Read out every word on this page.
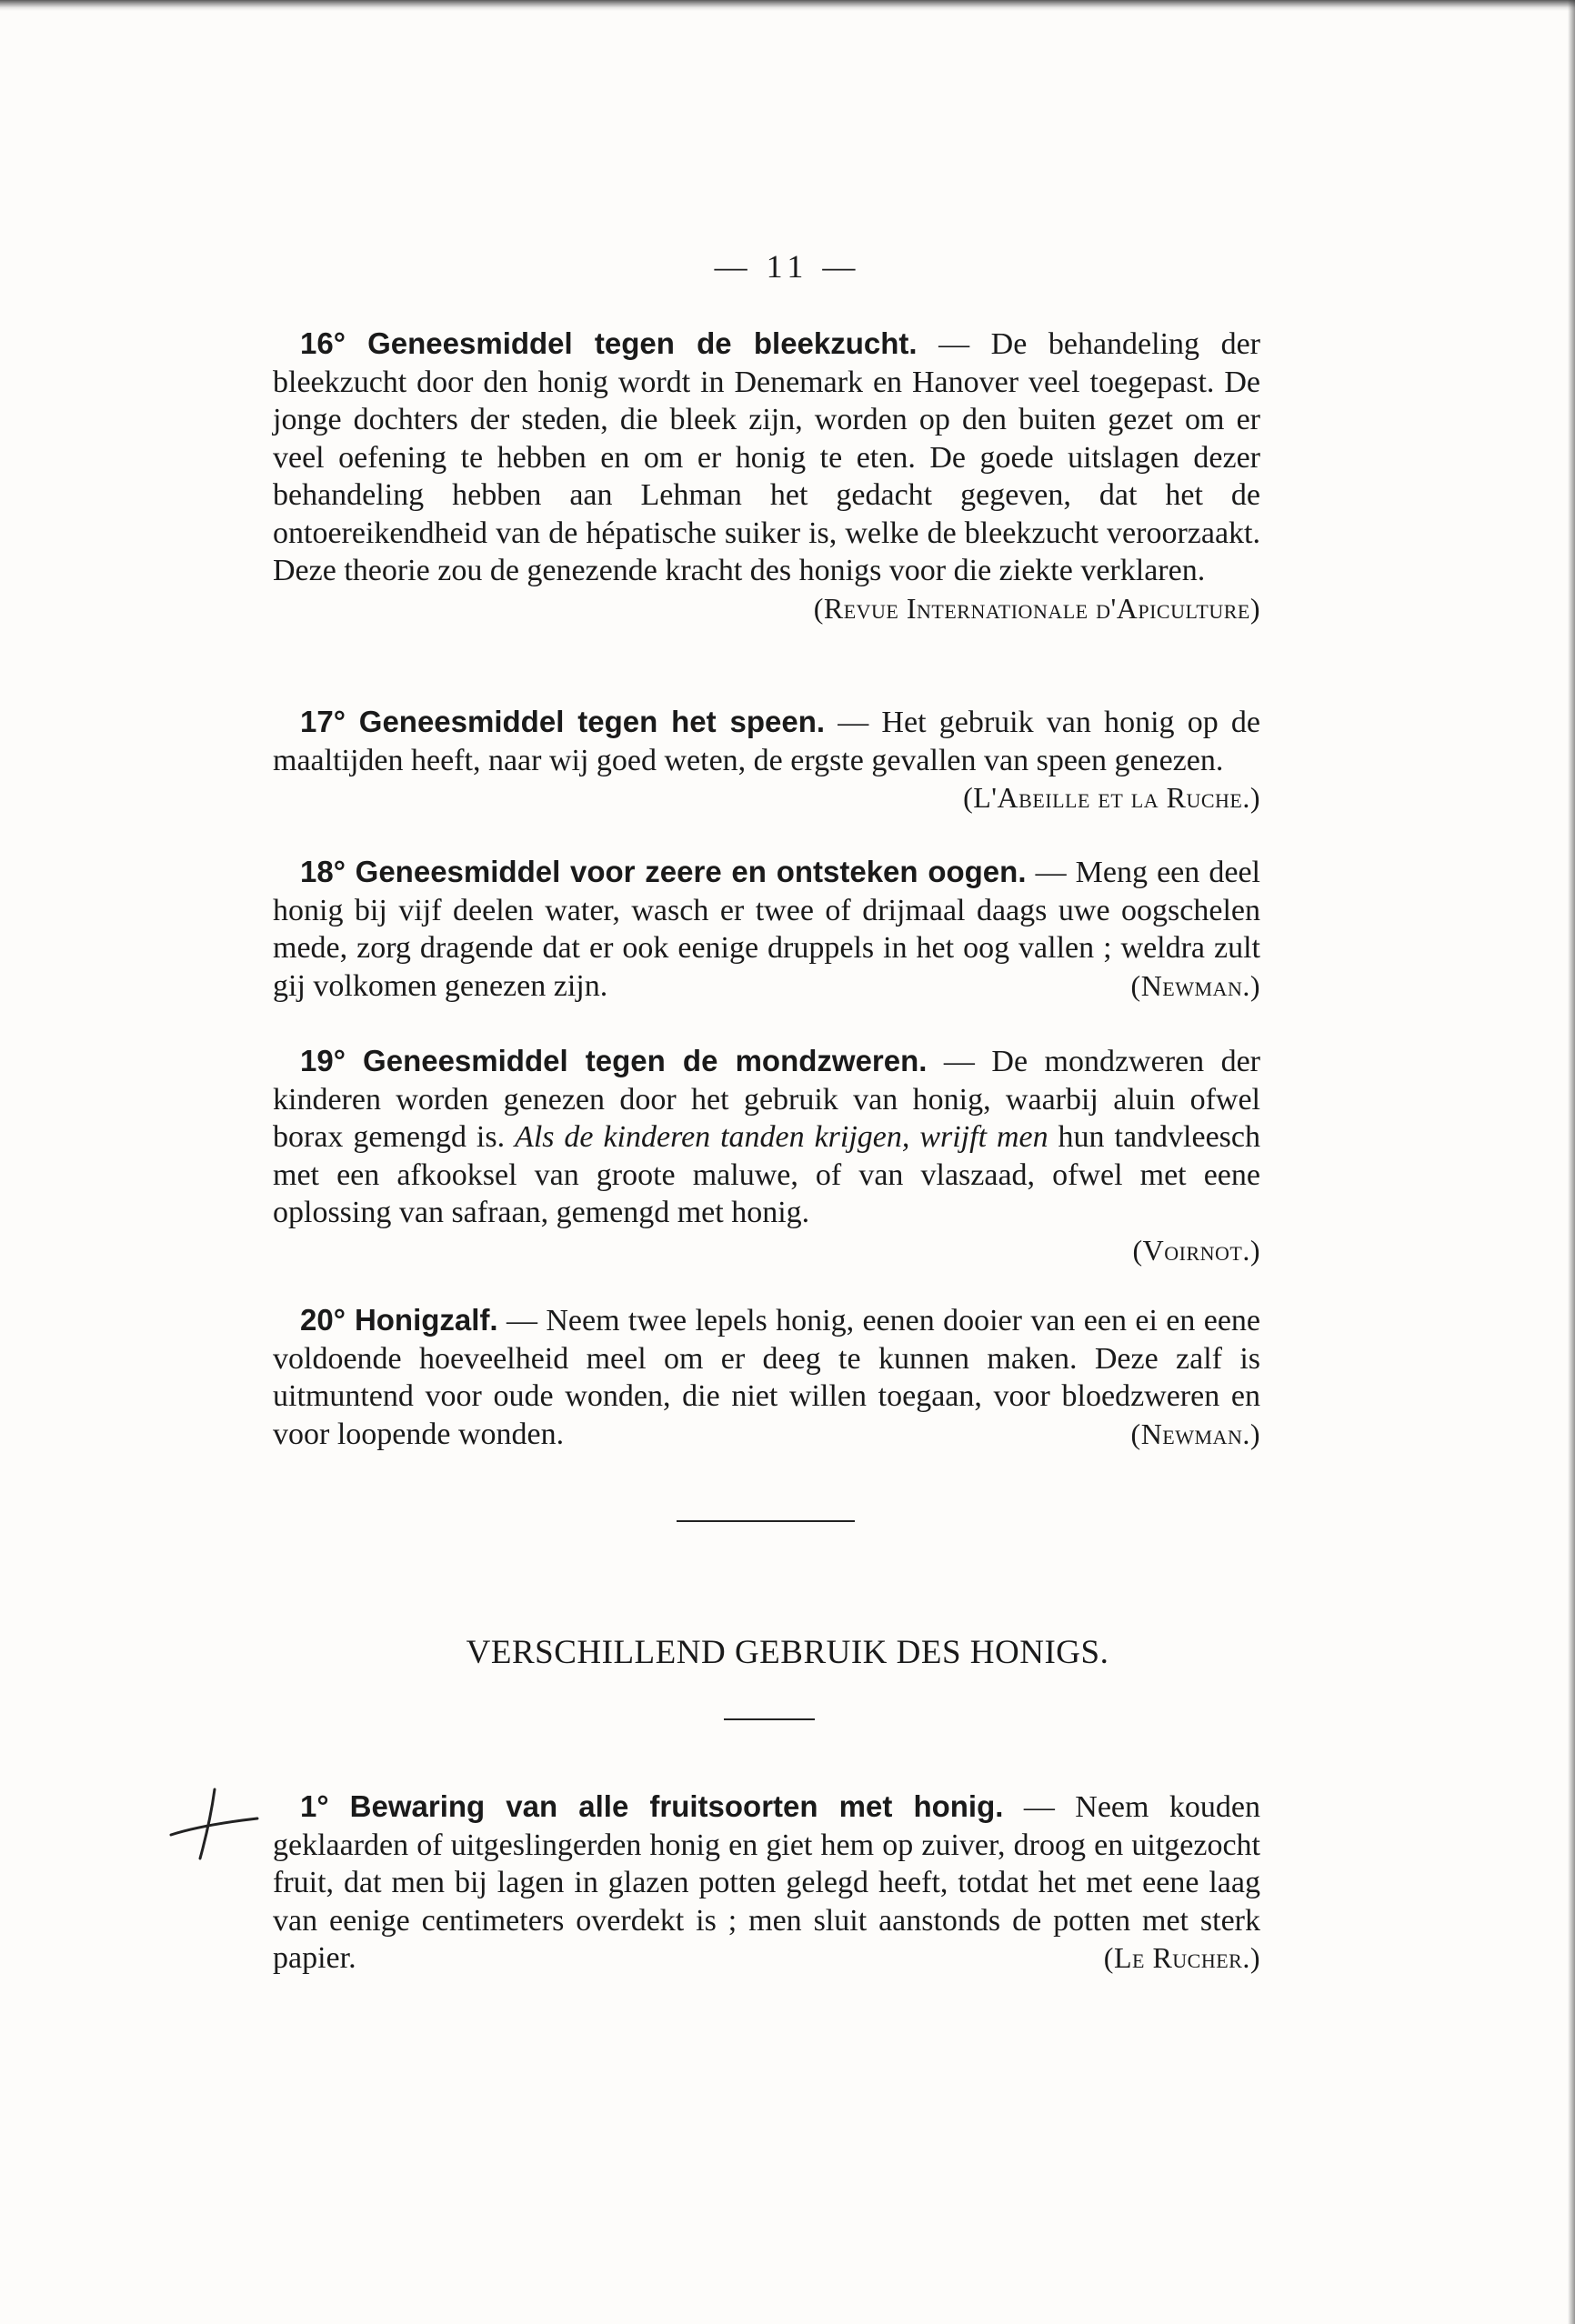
— 11 —

16° Geneesmiddel tegen de bleekzucht. — De behandeling der bleekzucht door den honig wordt in Denemark en Hanover veel toegepast. De jonge dochters der steden, die bleek zijn, worden op den buiten gezet om er veel oefening te hebben en om er honig te eten. De goede uitslagen dezer behandeling hebben aan Lehman het gedacht gegeven, dat het de ontoereikendheid van de hépatische suiker is, welke de bleekzucht veroorzaakt. Deze theorie zou de genezende kracht des honigs voor die ziekte verklaren.

(Revue Internationale d'Apiculture)

17° Geneesmiddel tegen het speen. — Het gebruik van honig op de maaltijden heeft, naar wij goed weten, de ergste gevallen van speen genezen.
(L'Abeille et la Ruche.)

18° Geneesmiddel voor zeere en ontsteken oogen. — Meng een deel honig bij vijf deelen water, wasch er twee of drijmaal daags uwe oogschelen mede, zorg dragende dat er ook eenige druppels in het oog vallen ; weldra zult gij volkomen genezen zijn.	(Newman.)

19° Geneesmiddel tegen de mondzweren. — De mondzweren der kinderen worden genezen door het gebruik van honig, waarbij aluin ofwel borax gemengd is. Als de kinderen tanden krijgen, wrijft men hun tandvleesch met een afkooksel van groote maluwe, of van vlaszaad, ofwel met eene oplossing van safraan, gemengd met honig.

(Voirnot.)

20° Honigzalf. — Neem twee lepels honig, eenen dooier van een ei en eene voldoende hoeveelheid meel om er deeg te kunnen maken. Deze zalf is uitmuntend voor oude wonden, die niet willen toegaan, voor bloedzweren en voor loopende wonden.	(Newman.)

VERSCHILLEND GEBRUIK DES HONIGS.

1° Bewaring van alle fruitsoorten met honig. — Neem kouden geklaarden of uitgeslingerden honig en giet hem op zuiver, droog en uitgezocht fruit, dat men bij lagen in glazen potten gelegd heeft, totdat het met eene laag van eenige centimeters overdekt is ; men sluit aanstonds de potten met sterk papier.	(Le Rucher.)
